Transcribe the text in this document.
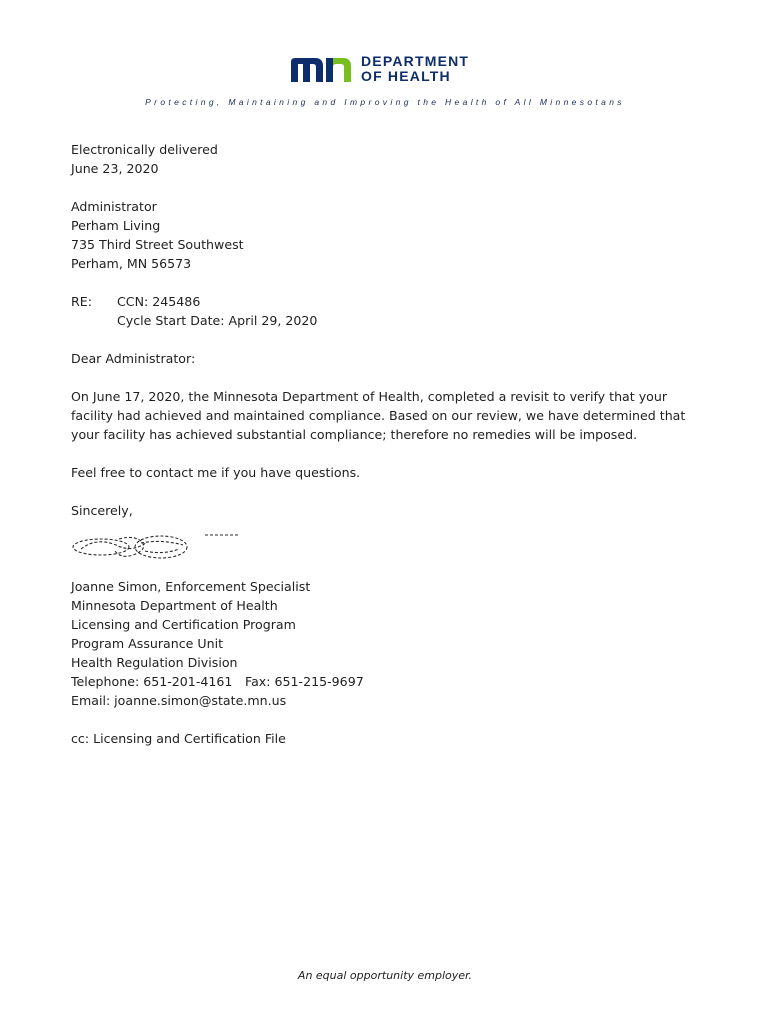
DEPARTMENT
OF HEALTH
Protecting, Maintaining and Improving the Health of All Minnesotans
Electronically delivered
June 23, 2020
Administrator
Perham Living
735 Third Street Southwest
Perham, MN 56573
RE:	CCN: 245486
Cycle Start Date: April 29, 2020
Dear Administrator:
On June 17, 2020, the Minnesota Department of Health, completed a revisit to verify that your facility had achieved and maintained compliance. Based on our review, we have determined that your facility has achieved substantial compliance; therefore no remedies will be imposed.
Feel free to contact me if you have questions.
Sincerely,
Joanne Simon, Enforcement Specialist
Minnesota Department of Health
Licensing and Certification Program
Program Assurance Unit
Health Regulation Division
Telephone: 651-201-4161 Fax: 651-215-9697
Email: joanne.simon@state.mn.us
cc: Licensing and Certification File
An equal opportunity employer.
